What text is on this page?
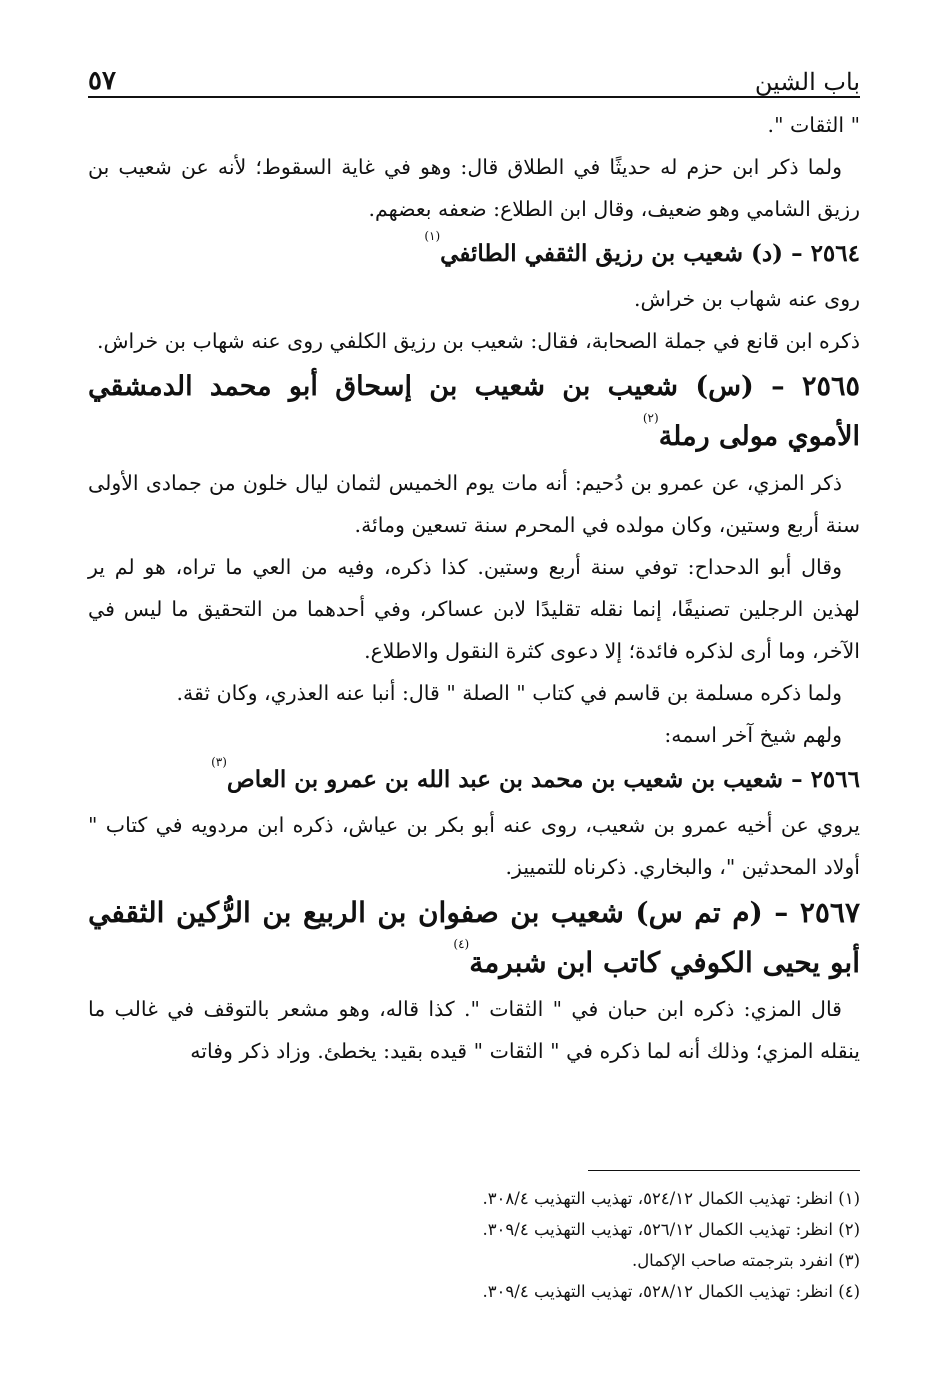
باب الشين
٥٧

" الثقات ".

ولما ذكر ابن حزم له حديثًا في الطلاق قال: وهو في غاية السقوط؛ لأنه عن شعيب بن رزيق الشامي وهو ضعيف، وقال ابن الطلاع: ضعفه بعضهم.

٢٥٦٤ – (د) شعيب بن رزيق الثقفي الطائفي$^{(١)}$

روى عنه شهاب بن خراش.

ذكره ابن قانع في جملة الصحابة، فقال: شعيب بن رزيق الكلفي روى عنه شهاب بن خراش.

٢٥٦٥ – (س) شعيب بن شعيب بن إسحاق أبو محمد الدمشقي الأموي مولى رملة$^{(٢)}$

ذكر المزي، عن عمرو بن دُحيم: أنه مات يوم الخميس لثمان ليال خلون من جمادى الأولى سنة أربع وستين، وكان مولده في المحرم سنة تسعين ومائة.

وقال أبو الدحداح: توفي سنة أربع وستين. كذا ذكره، وفيه من العي ما تراه، هو لم ير لهذين الرجلين تصنيفًا، إنما نقله تقليدًا لابن عساكر، وفي أحدهما من التحقيق ما ليس في الآخر، وما أرى لذكره فائدة؛ إلا دعوى كثرة النقول والاطلاع.

ولما ذكره مسلمة بن قاسم في كتاب " الصلة " قال: أنبا عنه العذري، وكان ثقة.

ولهم شيخ آخر اسمه:

٢٥٦٦ – شعيب بن شعيب بن محمد بن عبد الله بن عمرو بن العاص$^{(٣)}$

يروي عن أخيه عمرو بن شعيب، روى عنه أبو بكر بن عياش، ذكره ابن مردويه في كتاب " أولاد المحدثين "، والبخاري. ذكرناه للتمييز.

٢٥٦٧ – (م تم س) شعيب بن صفوان بن الربيع بن الرُّكين الثقفي أبو يحيى الكوفي كاتب ابن شبرمة$^{(٤)}$

قال المزي: ذكره ابن حبان في " الثقات ". كذا قاله، وهو مشعر بالتوقف في غالب ما ينقله المزي؛ وذلك أنه لما ذكره في " الثقات " قيده بقيد: يخطئ. وزاد ذكر وفاته

(١) انظر: تهذيب الكمال ٥٢٤/١٢، تهذيب التهذيب ٣٠٨/٤.
(٢) انظر: تهذيب الكمال ٥٢٦/١٢، تهذيب التهذيب ٣٠٩/٤.
(٣) انفرد بترجمته صاحب الإكمال.
(٤) انظر: تهذيب الكمال ٥٢٨/١٢، تهذيب التهذيب ٣٠٩/٤.
